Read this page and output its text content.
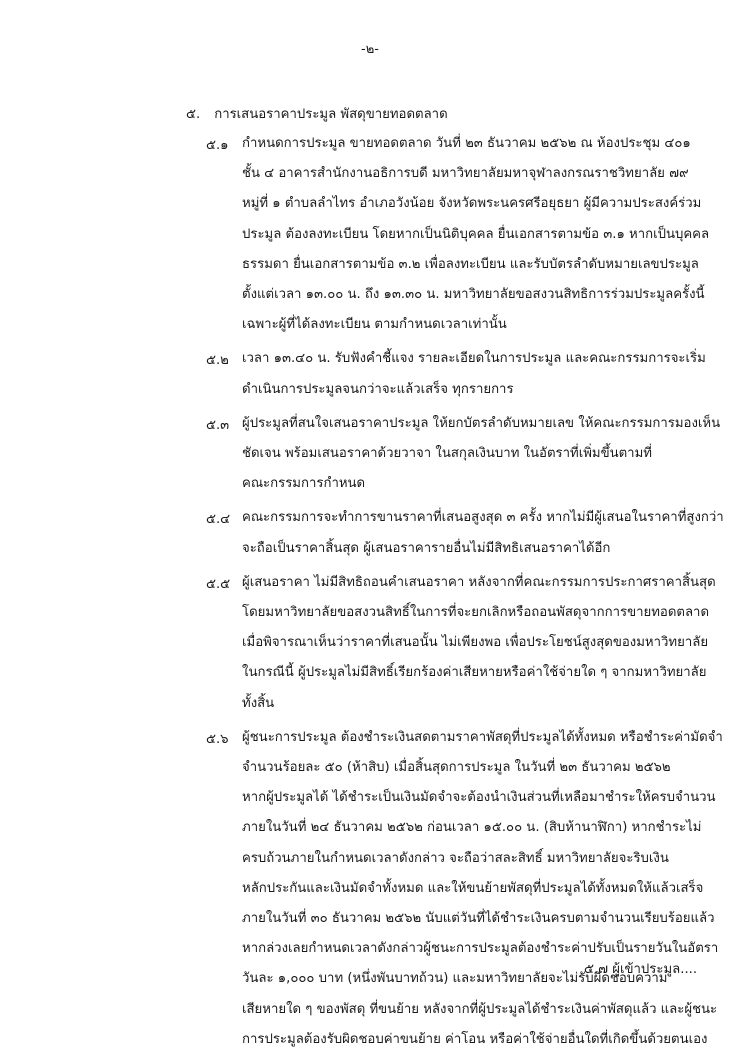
-๒-
๕. การเสนอราคาประมูล พัสดุขายทอดตลาด
๕.๑ กำหนดการประมูล ขายทอดตลาด วันที่ ๒๓ ธันวาคม ๒๕๖๒ ณ ห้องประชุม ๔๐๑
ชั้น ๔ อาคารสำนักงานอธิการบดี มหาวิทยาลัยมหาจุฬาลงกรณราชวิทยาลัย ๗๙
หมู่ที่ ๑ ตำบลลำไทร อำเภอวังน้อย จังหวัดพระนครศรีอยุธยา ผู้มีความประสงค์ร่วม
ประมูล ต้องลงทะเบียน โดยหากเป็นนิติบุคคล ยื่นเอกสารตามข้อ ๓.๑ หากเป็นบุคคล
ธรรมดา ยื่นเอกสารตามข้อ ๓.๒ เพื่อลงทะเบียน และรับบัตรลำดับหมายเลขประมูล
ตั้งแต่เวลา ๑๓.๐๐ น. ถึง ๑๓.๓๐ น. มหาวิทยาลัยขอสงวนสิทธิการร่วมประมูลครั้งนี้
เฉพาะผู้ที่ได้ลงทะเบียน ตามกำหนดเวลาเท่านั้น
๕.๒ เวลา ๑๓.๔๐ น. รับฟังคำชี้แจง รายละเอียดในการประมูล และคณะกรรมการจะเริ่ม
ดำเนินการประมูลจนกว่าจะแล้วเสร็จ ทุกรายการ
๕.๓ ผู้ประมูลที่สนใจเสนอราคาประมูล ให้ยกบัตรลำดับหมายเลข ให้คณะกรรมการมองเห็น
ชัดเจน พร้อมเสนอราคาด้วยวาจา ในสกุลเงินบาท ในอัตราที่เพิ่มขึ้นตามที่
คณะกรรมการกำหนด
๕.๔ คณะกรรมการจะทำการขานราคาที่เสนอสูงสุด ๓ ครั้ง หากไม่มีผู้เสนอในราคาที่สูงกว่า
จะถือเป็นราคาสิ้นสุด ผู้เสนอราคารายอื่นไม่มีสิทธิเสนอราคาได้อีก
๕.๕ ผู้เสนอราคา ไม่มีสิทธิถอนคำเสนอราคา หลังจากที่คณะกรรมการประกาศราคาสิ้นสุด
โดยมหาวิทยาลัยขอสงวนสิทธิ์ในการที่จะยกเลิกหรือถอนพัสดุจากการขายทอดตลาด
เมื่อพิจารณาเห็นว่าราคาที่เสนอนั้น ไม่เพียงพอ เพื่อประโยชน์สูงสุดของมหาวิทยาลัย
ในกรณีนี้ ผู้ประมูลไม่มีสิทธิ์เรียกร้องค่าเสียหายหรือค่าใช้จ่ายใด ๆ จากมหาวิทยาลัย
ทั้งสิ้น
๕.๖ ผู้ชนะการประมูล ต้องชำระเงินสดตามราคาพัสดุที่ประมูลได้ทั้งหมด หรือชำระค่ามัดจำ
จำนวนร้อยละ ๕๐ (ห้าสิบ) เมื่อสิ้นสุดการประมูล ในวันที่ ๒๓ ธันวาคม ๒๕๖๒
หากผู้ประมูลได้ ได้ชำระเป็นเงินมัดจำจะต้องนำเงินส่วนที่เหลือมาชำระให้ครบจำนวน
ภายในวันที่ ๒๔ ธันวาคม ๒๕๖๒ ก่อนเวลา ๑๕.๐๐ น. (สิบห้านาฬิกา) หากชำระไม่
ครบถ้วนภายในกำหนดเวลาดังกล่าว จะถือว่าสละสิทธิ์ มหาวิทยาลัยจะริบเงิน
หลักประกันและเงินมัดจำทั้งหมด และให้ขนย้ายพัสดุที่ประมูลได้ทั้งหมดให้แล้วเสร็จ
ภายในวันที่ ๓๐ ธันวาคม ๒๕๖๒ นับแต่วันที่ได้ชำระเงินครบตามจำนวนเรียบร้อยแล้ว
หากล่วงเลยกำหนดเวลาดังกล่าวผู้ชนะการประมูลต้องชำระค่าปรับเป็นรายวันในอัตรา
วันละ ๑,๐๐๐ บาท (หนึ่งพันบาทถ้วน) และมหาวิทยาลัยจะไม่รับผิดชอบความ
เสียหายใด ๆ ของพัสดุ ที่ขนย้าย หลังจากที่ผู้ประมูลได้ชำระเงินค่าพัสดุแล้ว และผู้ชนะ
การประมูลต้องรับผิดชอบค่าขนย้าย ค่าโอน หรือค่าใช้จ่ายอื่นใดที่เกิดขึ้นด้วยตนเอง
๕.๗ ผู้เข้าประมูล....
